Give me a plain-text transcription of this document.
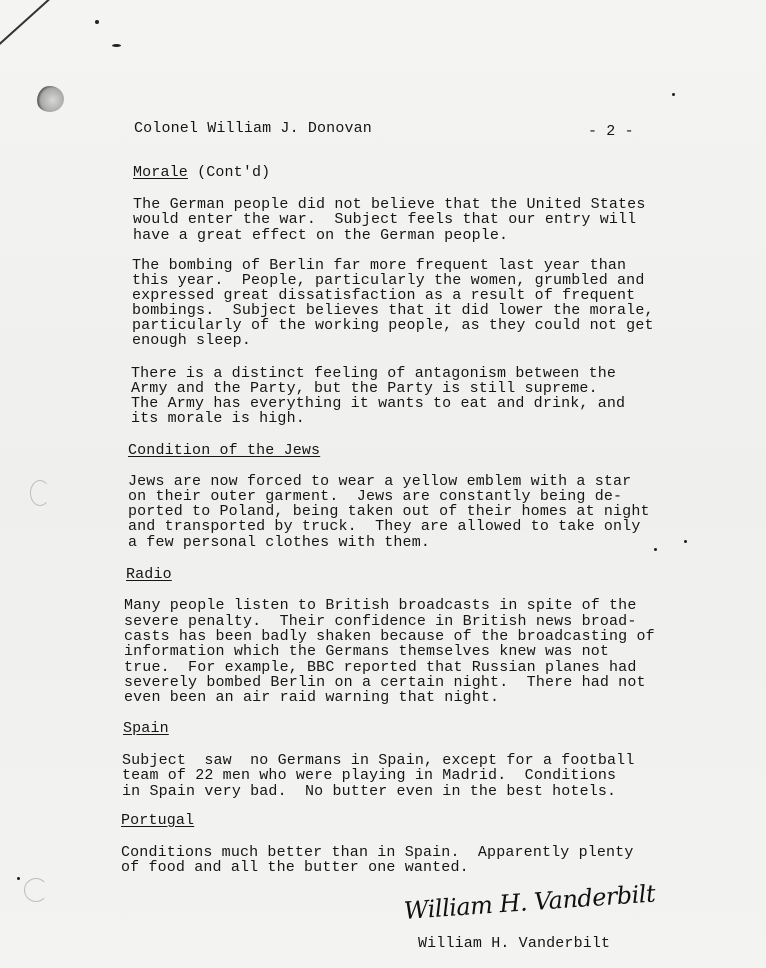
Colonel William J. Donovan	- 2 -
Morale (Cont'd)
The German people did not believe that the United States
would enter the war.  Subject feels that our entry will
have a great effect on the German people.
The bombing of Berlin far more frequent last year than
this year.  People, particularly the women, grumbled and
expressed great dissatisfaction as a result of frequent
bombings.  Subject believes that it did lower the morale,
particularly of the working people, as they could not get
enough sleep.
There is a distinct feeling of antagonism between the
Army and the Party, but the Party is still supreme.
The Army has everything it wants to eat and drink, and
its morale is high.
Condition of the Jews
Jews are now forced to wear a yellow emblem with a star
on their outer garment.  Jews are constantly being de-
ported to Poland, being taken out of their homes at night
and transported by truck.  They are allowed to take only
a few personal clothes with them.
Radio
Many people listen to British broadcasts in spite of the
severe penalty.  Their confidence in British news broad-
casts has been badly shaken because of the broadcasting of
information which the Germans themselves knew was not
true.  For example, BBC reported that Russian planes had
severely bombed Berlin on a certain night.  There had not
even been an air raid warning that night.
Spain
Subject  saw  no Germans in Spain, except for a football
team of 22 men who were playing in Madrid.  Conditions
in Spain very bad.  No butter even in the best hotels.
Portugal
Conditions much better than in Spain.  Apparently plenty
of food and all the butter one wanted.
William H. Vanderbilt
William H. Vanderbilt
